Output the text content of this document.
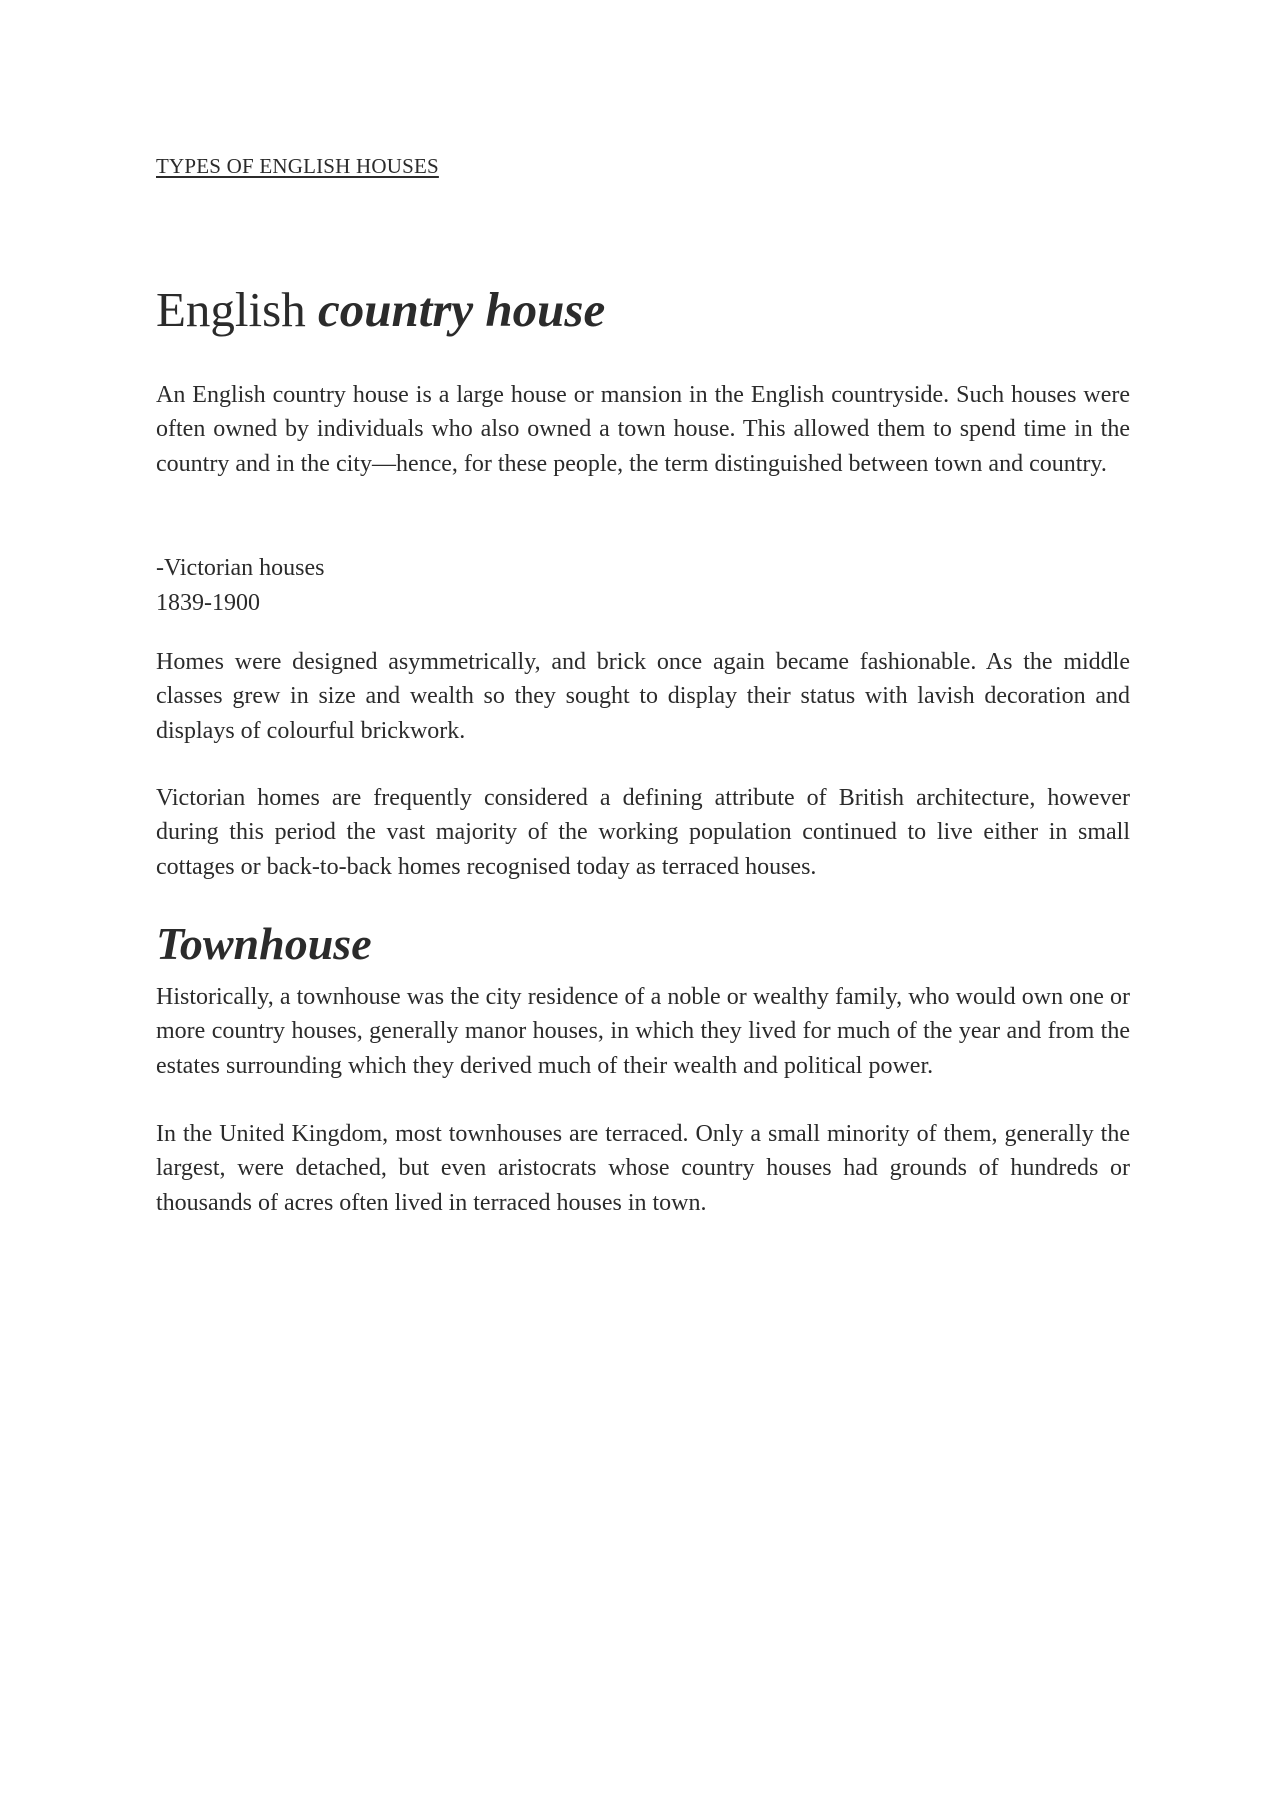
TYPES OF ENGLISH HOUSES

English country house

An English country house is a large house or mansion in the English countryside. Such houses were often owned by individuals who also owned a town house. This allowed them to spend time in the country and in the city—hence, for these people, the term distinguished between town and country.

-Victorian houses

1839-1900

Homes were designed asymmetrically, and brick once again became fashionable. As the middle classes grew in size and wealth so they sought to display their status with lavish decoration and displays of colourful brickwork.

Victorian homes are frequently considered a defining attribute of British architecture, however during this period the vast majority of the working population continued to live either in small cottages or back-to-back homes recognised today as terraced houses.

Townhouse

Historically, a townhouse was the city residence of a noble or wealthy family, who would own one or more country houses, generally manor houses, in which they lived for much of the year and from the estates surrounding which they derived much of their wealth and political power.

In the United Kingdom, most townhouses are terraced. Only a small minority of them, generally the largest, were detached, but even aristocrats whose country houses had grounds of hundreds or thousands of acres often lived in terraced houses in town.
